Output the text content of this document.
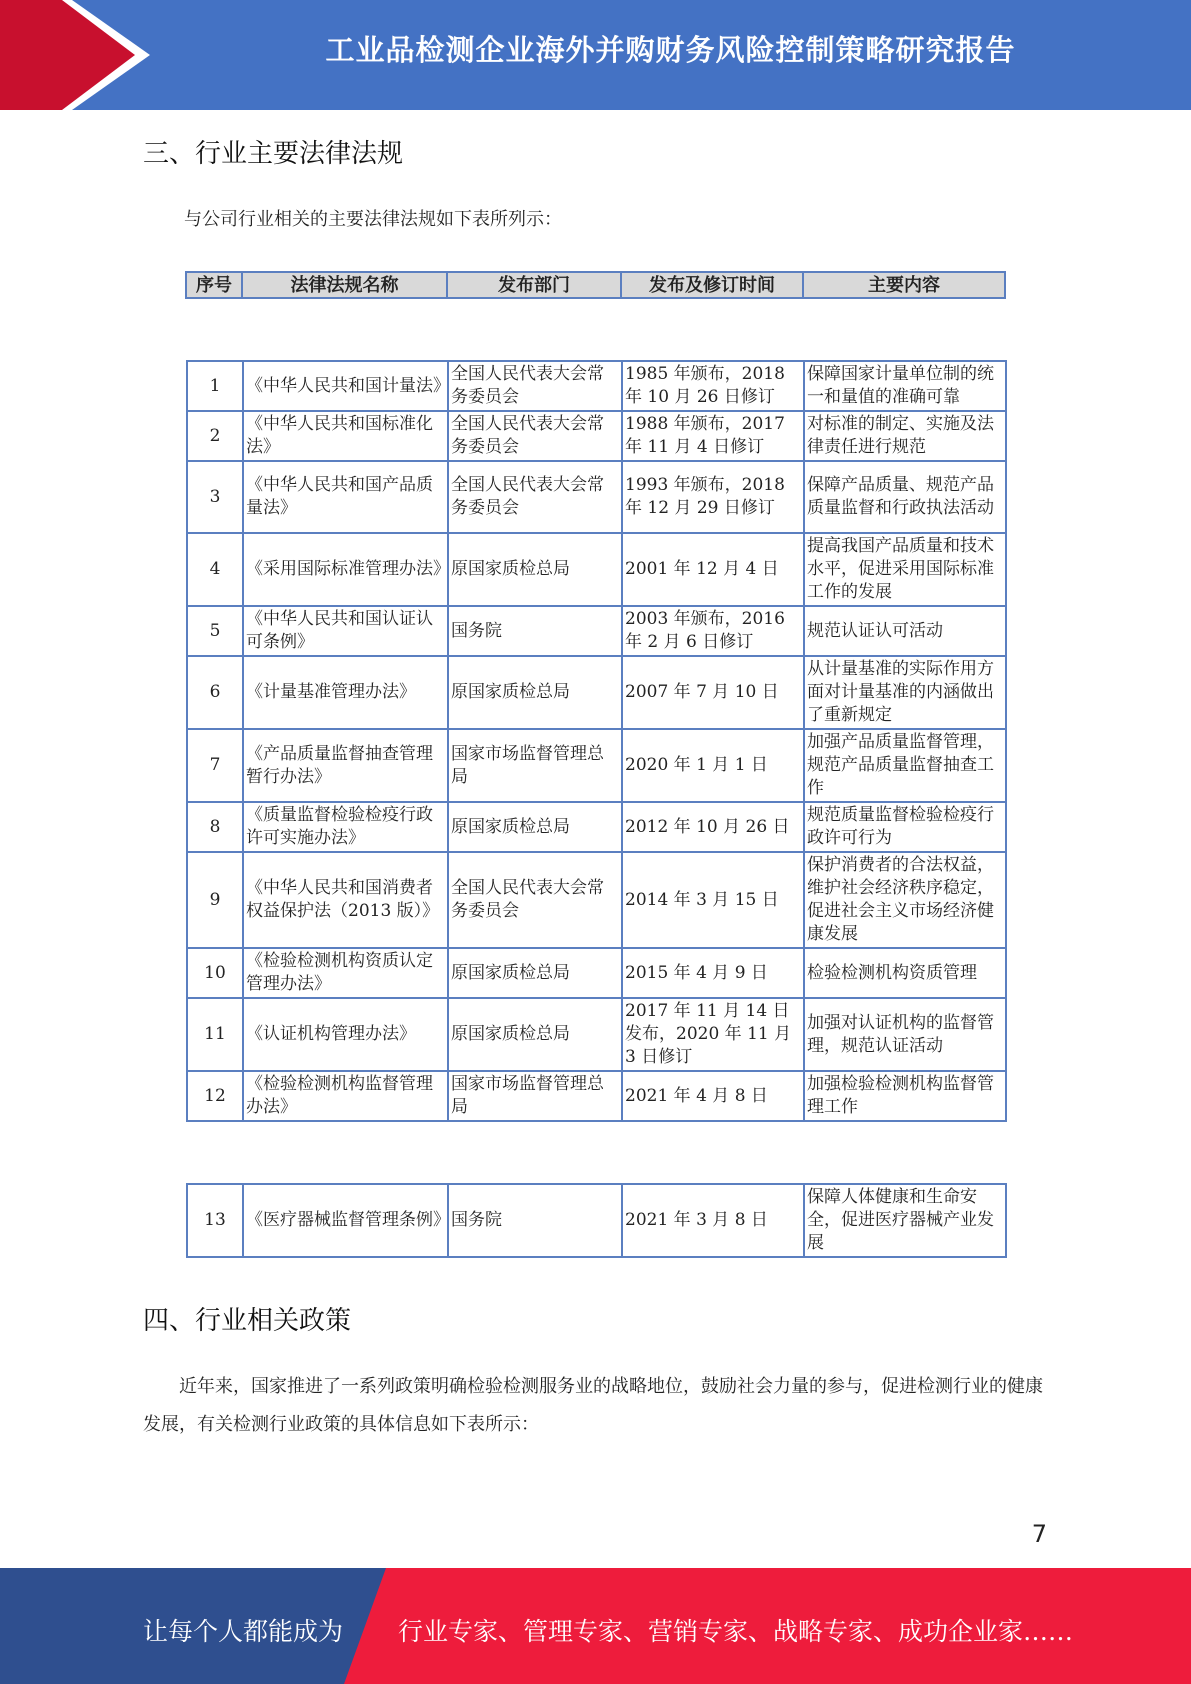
工业品检测企业海外并购财务风险控制策略研究报告
三、行业主要法律法规

与公司行业相关的主要法律法规如下表所列示：

序号	法律法规名称	发布部门	发布及修订时间	主要内容
1	《中华人民共和国计量法》	全国人民代表大会常务委员会	1985 年颁布，2018 年 10 月 26 日修订	保障国家计量单位制的统一和量值的准确可靠
2	《中华人民共和国标准化法》	全国人民代表大会常务委员会	1988 年颁布，2017 年 11 月 4 日修订	对标准的制定、实施及法律责任进行规范
3	《中华人民共和国产品质量法》	全国人民代表大会常务委员会	1993 年颁布，2018 年 12 月 29 日修订	保障产品质量、规范产品质量监督和行政执法活动
4	《采用国际标准管理办法》	原国家质检总局	2001 年 12 月 4 日	提高我国产品质量和技术水平，促进采用国际标准工作的发展
5	《中华人民共和国认证认可条例》	国务院	2003 年颁布，2016 年 2 月 6 日修订	规范认证认可活动
6	《计量基准管理办法》	原国家质检总局	2007 年 7 月 10 日	从计量基准的实际作用方面对计量基准的内涵做出了重新规定
7	《产品质量监督抽查管理暂行办法》	国家市场监督管理总局	2020 年 1 月 1 日	加强产品质量监督管理，规范产品质量监督抽查工作
8	《质量监督检验检疫行政许可实施办法》	原国家质检总局	2012 年 10 月 26 日	规范质量监督检验检疫行政许可行为
9	《中华人民共和国消费者权益保护法（2013 版）》	全国人民代表大会常务委员会	2014 年 3 月 15 日	保护消费者的合法权益，维护社会经济秩序稳定，促进社会主义市场经济健康发展
10	《检验检测机构资质认定管理办法》	原国家质检总局	2015 年 4 月 9 日	检验检测机构资质管理
11	《认证机构管理办法》	原国家质检总局	2017 年 11 月 14 日发布，2020 年 11 月 3 日修订	加强对认证机构的监督管理，规范认证活动
12	《检验检测机构监督管理办法》	国家市场监督管理总局	2021 年 4 月 8 日	加强检验检测机构监督管理工作
13	《医疗器械监督管理条例》	国务院	2021 年 3 月 8 日	保障人体健康和生命安全，促进医疗器械产业发展
四、行业相关政策

近年来，国家推进了一系列政策明确检验检测服务业的战略地位，鼓励社会力量的参与，促进检测行业的健康发展，有关检测行业政策的具体信息如下表所示：

7
让每个人都能成为 行业专家、管理专家、营销专家、战略专家、成功企业家……
